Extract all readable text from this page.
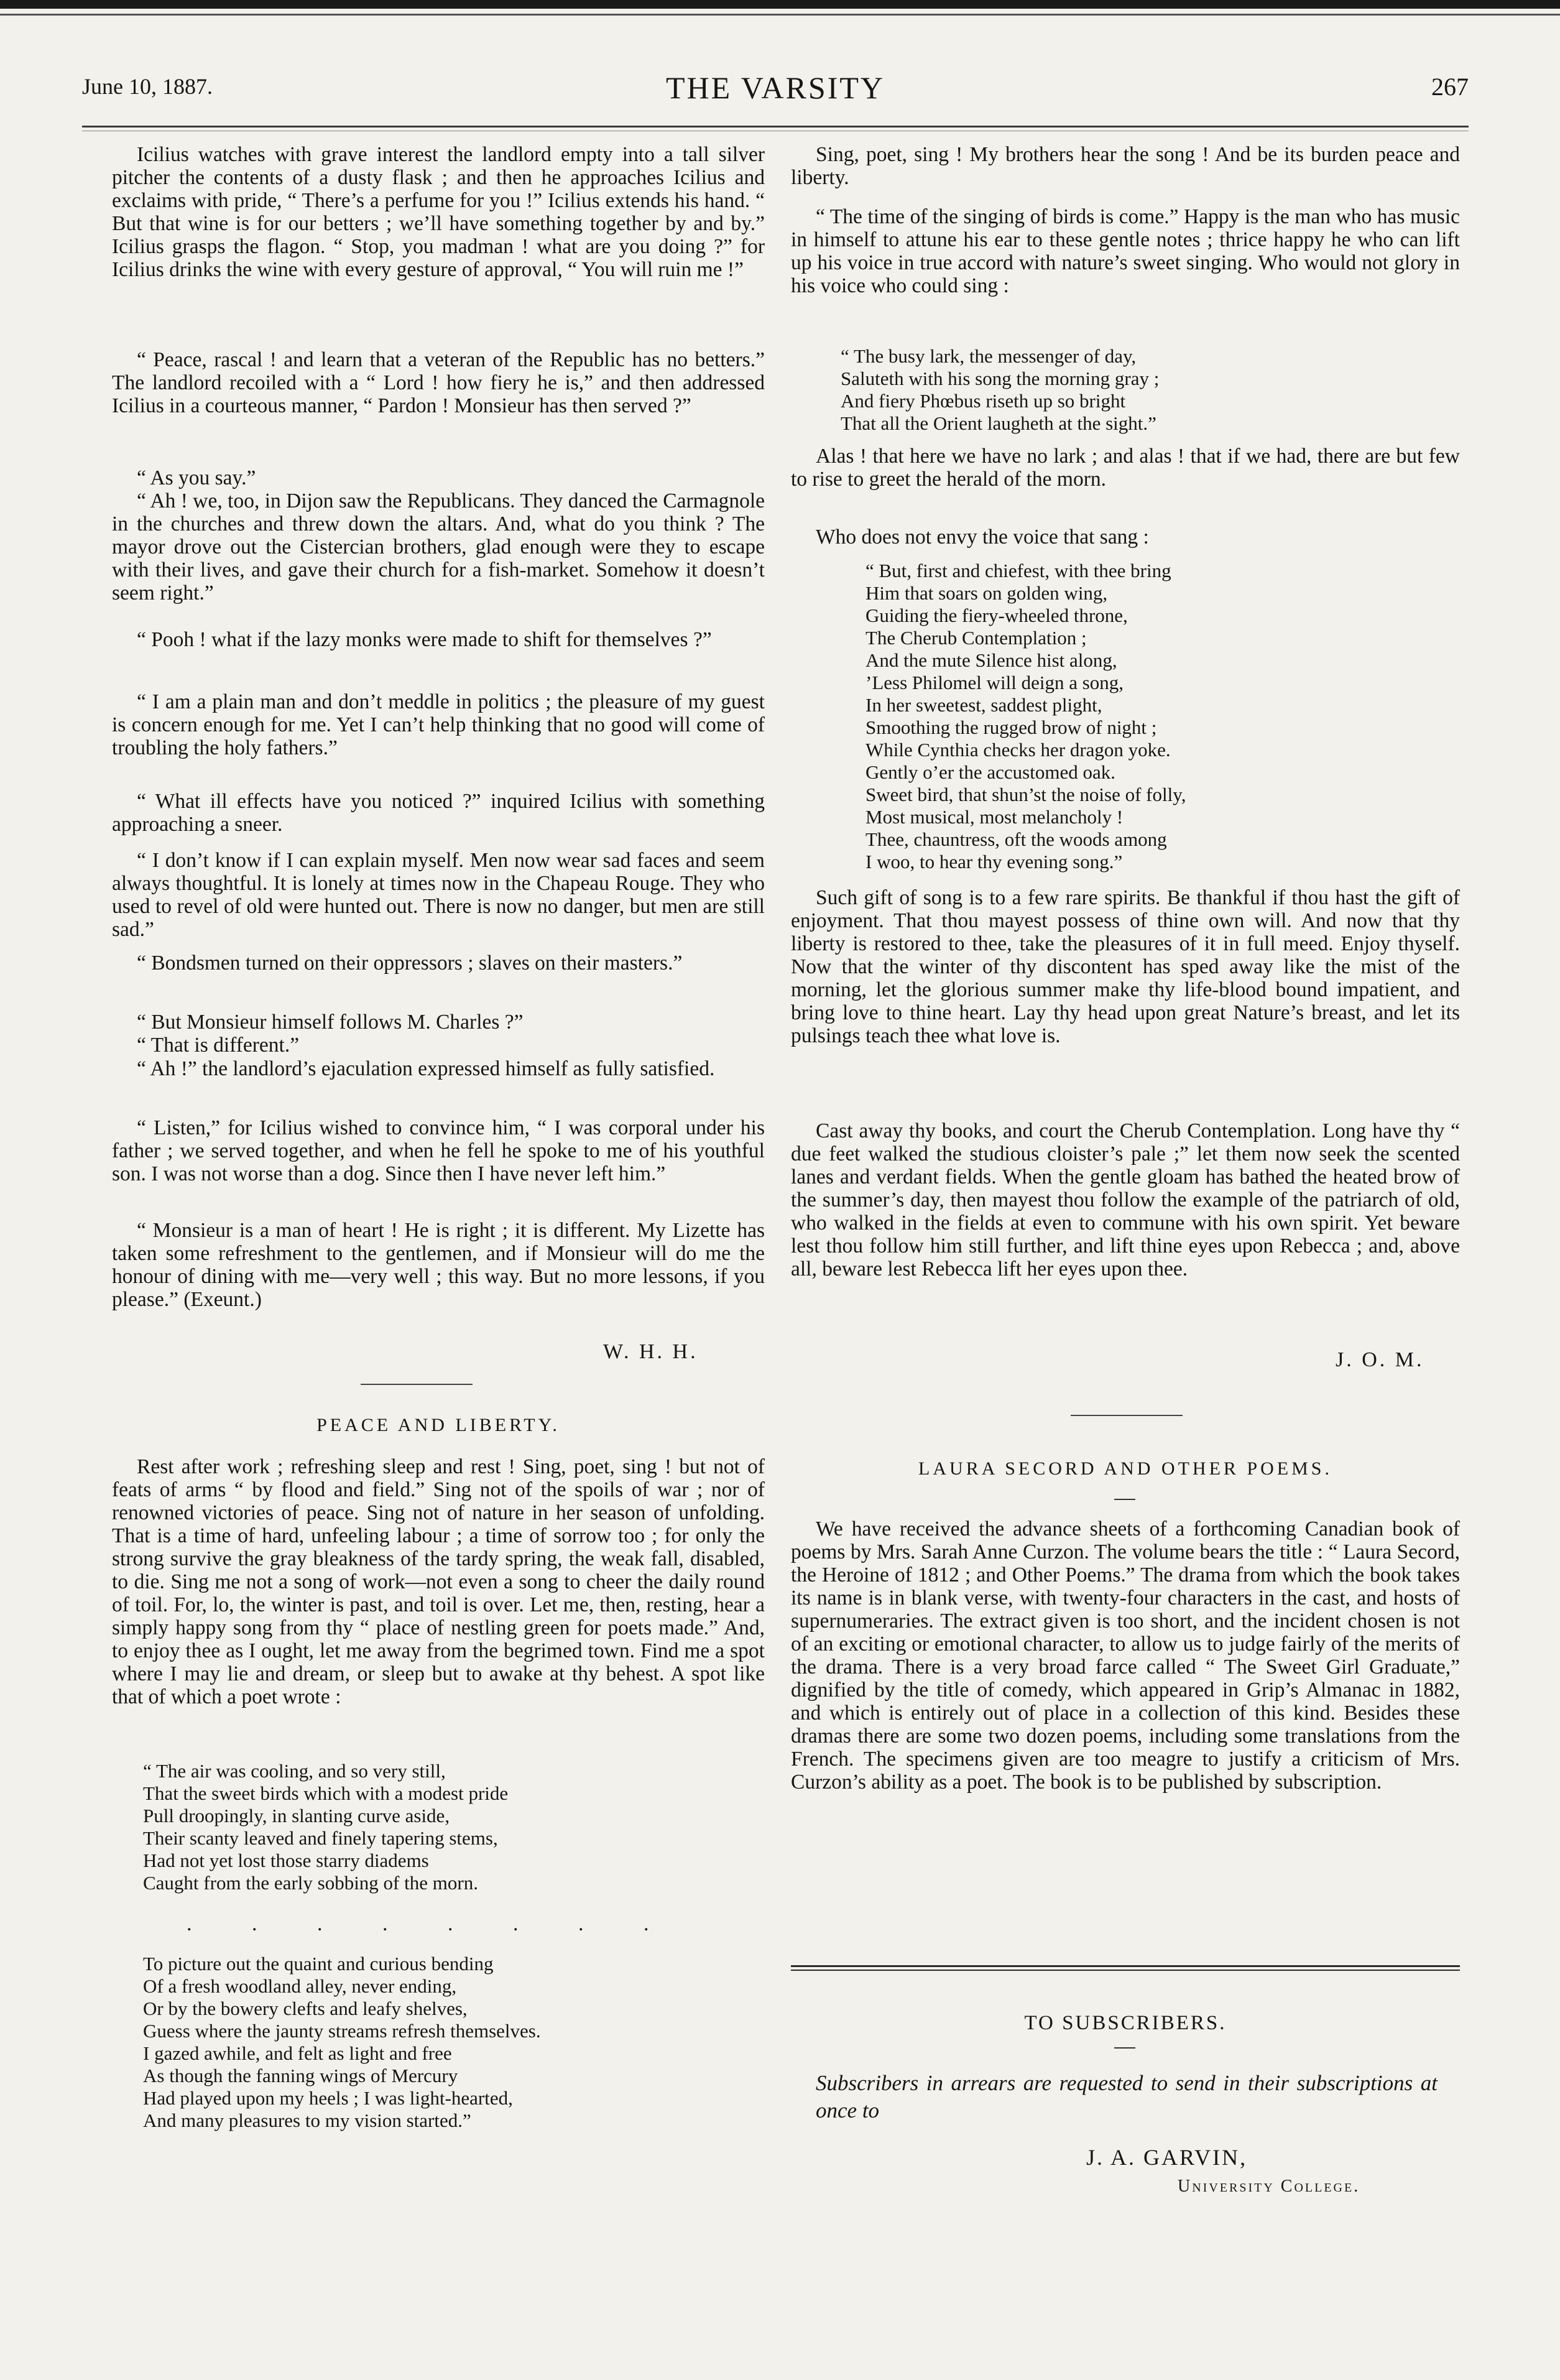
June 10, 1887.	THE VARSITY	267

Icilius watches with grave interest the landlord empty into a tall silver pitcher the contents of a dusty flask ; and then he approaches Icilius and exclaims with pride, “ There’s a perfume for you !” Icilius extends his hand. “ But that wine is for our betters ; we’ll have something together by and by.” Icilius grasps the flagon. “ Stop, you madman ! what are you doing ?” for Icilius drinks the wine with every gesture of approval, “ You will ruin me !”

“ Peace, rascal ! and learn that a veteran of the Republic has no betters.” The landlord recoiled with a “ Lord ! how fiery he is,” and then addressed Icilius in a courteous manner, “ Pardon ! Monsieur has then served ?”

“ As you say.”

“ Ah ! we, too, in Dijon saw the Republicans. They danced the Carmagnole in the churches and threw down the altars. And, what do you think ? The mayor drove out the Cistercian brothers, glad enough were they to escape with their lives, and gave their church for a fish-market. Somehow it doesn’t seem right.”

“ Pooh ! what if the lazy monks were made to shift for themselves ?”

“ I am a plain man and don’t meddle in politics ; the pleasure of my guest is concern enough for me. Yet I can’t help thinking that no good will come of troubling the holy fathers.”

“ What ill effects have you noticed ?” inquired Icilius with something approaching a sneer.

“ I don’t know if I can explain myself. Men now wear sad faces and seem always thoughtful. It is lonely at times now in the Chapeau Rouge. They who used to revel of old were hunted out. There is now no danger, but men are still sad.”

“ Bondsmen turned on their oppressors ; slaves on their masters.”

“ But Monsieur himself follows M. Charles ?”

“ That is different.”

“ Ah !” the landlord’s ejaculation expressed himself as fully satisfied.

“ Listen,” for Icilius wished to convince him, “ I was corporal under his father ; we served together, and when he fell he spoke to me of his youthful son. I was not worse than a dog. Since then I have never left him.”

“ Monsieur is a man of heart ! He is right ; it is different. My Lizette has taken some refreshment to the gentlemen, and if Monsieur will do me the honour of dining with me—very well ; this way. But no more lessons, if you please.” (Exeunt.)

W. H. H.
PEACE AND LIBERTY.

Rest after work ; refreshing sleep and rest ! Sing, poet, sing ! but not of feats of arms “ by flood and field.” Sing not of the spoils of war ; nor of renowned victories of peace. Sing not of nature in her season of unfolding. That is a time of hard, unfeeling labour ; a time of sorrow too ; for only the strong survive the gray bleakness of the tardy spring, the weak fall, disabled, to die. Sing me not a song of work—not even a song to cheer the daily round of toil. For, lo, the winter is past, and toil is over. Let me, then, resting, hear a simply happy song from thy “ place of nestling green for poets made.” And, to enjoy thee as I ought, let me away from the begrimed town. Find me a spot where I may lie and dream, or sleep but to awake at thy behest. A spot like that of which a poet wrote :

“ The air was cooling, and so very still,
That the sweet birds which with a modest pride
Pull droopingly, in slanting curve aside,
Their scanty leaved and finely tapering stems,
Had not yet lost those starry diadems
Caught from the early sobbing of the morn.
. . . . . . . .
To picture out the quaint and curious bending
Of a fresh woodland alley, never ending,
Or by the bowery clefts and leafy shelves,
Guess where the jaunty streams refresh themselves.
I gazed awhile, and felt as light and free
As though the fanning wings of Mercury
Had played upon my heels ; I was light-hearted,
And many pleasures to my vision started.”

Sing, poet, sing ! My brothers hear the song ! And be its burden peace and liberty.

“ The time of the singing of birds is come.” Happy is the man who has music in himself to attune his ear to these gentle notes ; thrice happy he who can lift up his voice in true accord with nature’s sweet singing. Who would not glory in his voice who could sing :

“ The busy lark, the messenger of day,
Saluteth with his song the morning gray ;
And fiery Phœbus riseth up so bright
That all the Orient laugheth at the sight.”

Alas ! that here we have no lark ; and alas ! that if we had, there are but few to rise to greet the herald of the morn.

Who does not envy the voice that sang :

“ But, first and chiefest, with thee bring
Him that soars on golden wing,
Guiding the fiery-wheeled throne,
The Cherub Contemplation ;
And the mute Silence hist along,
’Less Philomel will deign a song,
In her sweetest, saddest plight,
Smoothing the rugged brow of night ;
While Cynthia checks her dragon yoke.
Gently o’er the accustomed oak.
Sweet bird, that shun’st the noise of folly,
Most musical, most melancholy !
Thee, chauntress, oft the woods among
I woo, to hear thy evening song.”

Such gift of song is to a few rare spirits. Be thankful if thou hast the gift of enjoyment. That thou mayest possess of thine own will. And now that thy liberty is restored to thee, take the pleasures of it in full meed. Enjoy thyself. Now that the winter of thy discontent has sped away like the mist of the morning, let the glorious summer make thy life-blood bound impatient, and bring love to thine heart. Lay thy head upon great Nature’s breast, and let its pulsings teach thee what love is.

Cast away thy books, and court the Cherub Contemplation. Long have thy “ due feet walked the studious cloister’s pale ;” let them now seek the scented lanes and verdant fields. When the gentle gloam has bathed the heated brow of the summer’s day, then mayest thou follow the example of the patriarch of old, who walked in the fields at even to commune with his own spirit. Yet beware lest thou follow him still further, and lift thine eyes upon Rebecca ; and, above all, beware lest Rebecca lift her eyes upon thee.

J. O. M.
LAURA SECORD AND OTHER POEMS.

We have received the advance sheets of a forthcoming Canadian book of poems by Mrs. Sarah Anne Curzon. The volume bears the title : “ Laura Secord, the Heroine of 1812 ; and Other Poems.” The drama from which the book takes its name is in blank verse, with twenty-four characters in the cast, and hosts of supernumeraries. The extract given is too short, and the incident chosen is not of an exciting or emotional character, to allow us to judge fairly of the merits of the drama. There is a very broad farce called “ The Sweet Girl Graduate,” dignified by the title of comedy, which appeared in Grip’s Almanac in 1882, and which is entirely out of place in a collection of this kind. Besides these dramas there are some two dozen poems, including some translations from the French. The specimens given are too meagre to justify a criticism of Mrs. Curzon’s ability as a poet. The book is to be published by subscription.

TO SUBSCRIBERS.

Subscribers in arrears are requested to send in their subscriptions at once to

J. A. GARVIN,
University College.
